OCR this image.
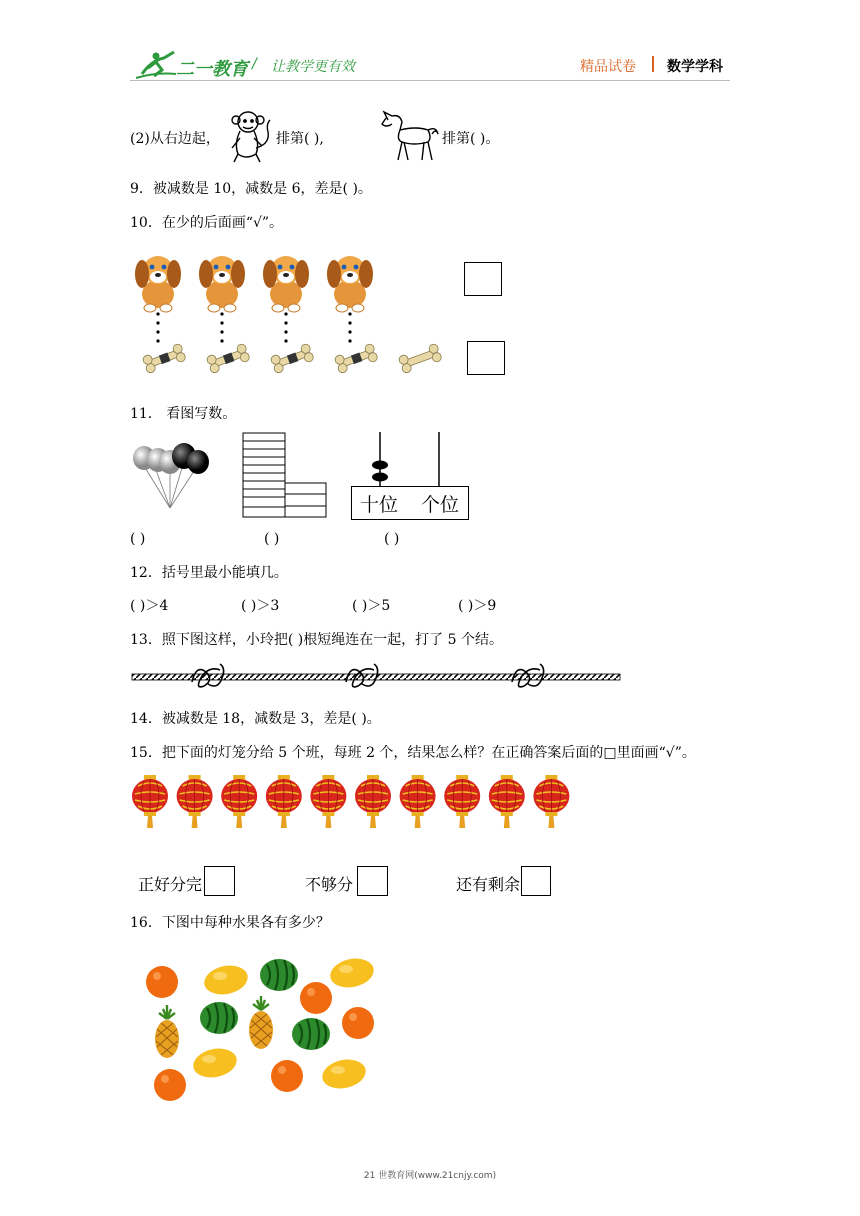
二一教育 / 让教学更有效	精品试卷 数学学科
(2)从右边起，	排第( ),	排第( )。
9．被减数是 10，减数是 6，差是( )。
10．在少的后面画“√”。
11． 看图写数。
十位 个位
( )	( )	( )
12．括号里最小能填几。
( )＞4	( )＞3	( )＞5	( )＞9
13．照下图这样，小玲把( )根短绳连在一起，打了 5 个结。
14．被减数是 18，减数是 3，差是( )。
15．把下面的灯笼分给 5 个班，每班 2 个，结果怎么样？在正确答案后面的□里面画“√”。
正好分完	不够分	还有剩余
16．下图中每种水果各有多少？
21 世教育网(www.21cnjy.com)
